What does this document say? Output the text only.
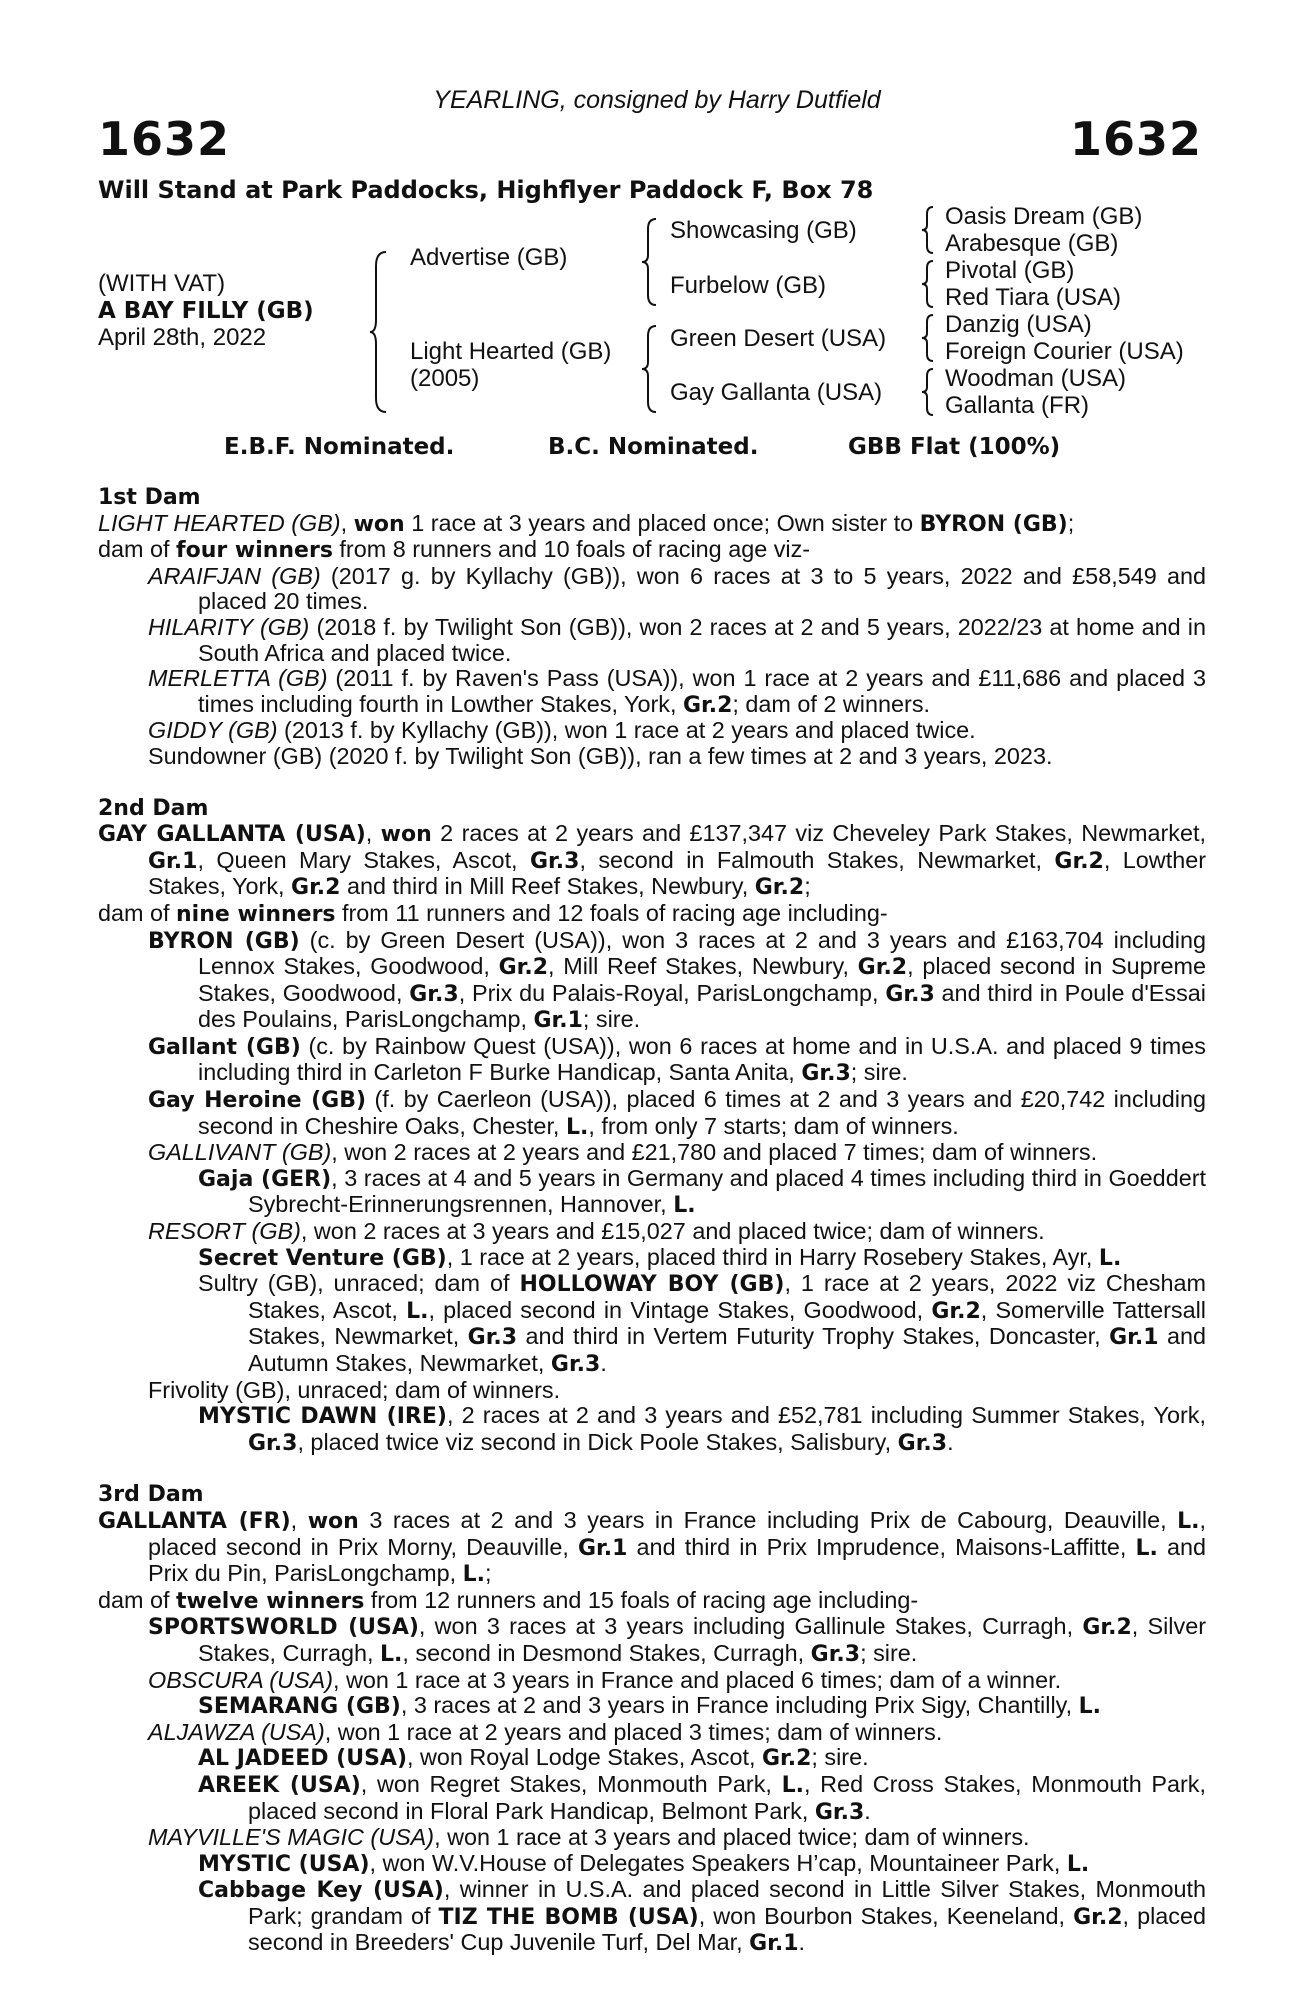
YEARLING, consigned by Harry Dutfield
1632	1632
Will Stand at Park Paddocks, Highflyer Paddock F, Box 78
(WITH VAT)
A BAY FILLY (GB)
April 28th, 2022
Advertise (GB)
Light Hearted (GB)
(2005)
Showcasing (GB)
Furbelow (GB)
Green Desert (USA)
Gay Gallanta (USA)
Oasis Dream (GB)
Arabesque (GB)
Pivotal (GB)
Red Tiara (USA)
Danzig (USA)
Foreign Courier (USA)
Woodman (USA)
Gallanta (FR)
E.B.F. Nominated.	B.C. Nominated.	GBB Flat (100%)
1st Dam
LIGHT HEARTED (GB), won 1 race at 3 years and placed once; Own sister to BYRON (GB);
dam of four winners from 8 runners and 10 foals of racing age viz-
ARAIFJAN (GB) (2017 g. by Kyllachy (GB)), won 6 races at 3 to 5 years, 2022 and £58,549 and placed 20 times.
HILARITY (GB) (2018 f. by Twilight Son (GB)), won 2 races at 2 and 5 years, 2022/23 at home and in South Africa and placed twice.
MERLETTA (GB) (2011 f. by Raven's Pass (USA)), won 1 race at 2 years and £11,686 and placed 3 times including fourth in Lowther Stakes, York, Gr.2; dam of 2 winners.
GIDDY (GB) (2013 f. by Kyllachy (GB)), won 1 race at 2 years and placed twice.
Sundowner (GB) (2020 f. by Twilight Son (GB)), ran a few times at 2 and 3 years, 2023.
2nd Dam
GAY GALLANTA (USA), won 2 races at 2 years and £137,347 viz Cheveley Park Stakes, Newmarket, Gr.1, Queen Mary Stakes, Ascot, Gr.3, second in Falmouth Stakes, Newmarket, Gr.2, Lowther Stakes, York, Gr.2 and third in Mill Reef Stakes, Newbury, Gr.2;
dam of nine winners from 11 runners and 12 foals of racing age including-
BYRON (GB) (c. by Green Desert (USA)), won 3 races at 2 and 3 years and £163,704 including Lennox Stakes, Goodwood, Gr.2, Mill Reef Stakes, Newbury, Gr.2, placed second in Supreme Stakes, Goodwood, Gr.3, Prix du Palais-Royal, ParisLongchamp, Gr.3 and third in Poule d'Essai des Poulains, ParisLongchamp, Gr.1; sire.
Gallant (GB) (c. by Rainbow Quest (USA)), won 6 races at home and in U.S.A. and placed 9 times including third in Carleton F Burke Handicap, Santa Anita, Gr.3; sire.
Gay Heroine (GB) (f. by Caerleon (USA)), placed 6 times at 2 and 3 years and £20,742 including second in Cheshire Oaks, Chester, L., from only 7 starts; dam of winners.
GALLIVANT (GB), won 2 races at 2 years and £21,780 and placed 7 times; dam of winners.
Gaja (GER), 3 races at 4 and 5 years in Germany and placed 4 times including third in Goeddert Sybrecht-Erinnerungsrennen, Hannover, L.
RESORT (GB), won 2 races at 3 years and £15,027 and placed twice; dam of winners.
Secret Venture (GB), 1 race at 2 years, placed third in Harry Rosebery Stakes, Ayr, L.
Sultry (GB), unraced; dam of HOLLOWAY BOY (GB), 1 race at 2 years, 2022 viz Chesham Stakes, Ascot, L., placed second in Vintage Stakes, Goodwood, Gr.2, Somerville Tattersall Stakes, Newmarket, Gr.3 and third in Vertem Futurity Trophy Stakes, Doncaster, Gr.1 and Autumn Stakes, Newmarket, Gr.3.
Frivolity (GB), unraced; dam of winners.
MYSTIC DAWN (IRE), 2 races at 2 and 3 years and £52,781 including Summer Stakes, York, Gr.3, placed twice viz second in Dick Poole Stakes, Salisbury, Gr.3.
3rd Dam
GALLANTA (FR), won 3 races at 2 and 3 years in France including Prix de Cabourg, Deauville, L., placed second in Prix Morny, Deauville, Gr.1 and third in Prix Imprudence, Maisons-Laffitte, L. and Prix du Pin, ParisLongchamp, L.;
dam of twelve winners from 12 runners and 15 foals of racing age including-
SPORTSWORLD (USA), won 3 races at 3 years including Gallinule Stakes, Curragh, Gr.2, Silver Stakes, Curragh, L., second in Desmond Stakes, Curragh, Gr.3; sire.
OBSCURA (USA), won 1 race at 3 years in France and placed 6 times; dam of a winner.
SEMARANG (GB), 3 races at 2 and 3 years in France including Prix Sigy, Chantilly, L.
ALJAWZA (USA), won 1 race at 2 years and placed 3 times; dam of winners.
AL JADEED (USA), won Royal Lodge Stakes, Ascot, Gr.2; sire.
AREEK (USA), won Regret Stakes, Monmouth Park, L., Red Cross Stakes, Monmouth Park, placed second in Floral Park Handicap, Belmont Park, Gr.3.
MAYVILLE'S MAGIC (USA), won 1 race at 3 years and placed twice; dam of winners.
MYSTIC (USA), won W.V.House of Delegates Speakers H’cap, Mountaineer Park, L.
Cabbage Key (USA), winner in U.S.A. and placed second in Little Silver Stakes, Monmouth Park; grandam of TIZ THE BOMB (USA), won Bourbon Stakes, Keeneland, Gr.2, placed second in Breeders' Cup Juvenile Turf, Del Mar, Gr.1.
